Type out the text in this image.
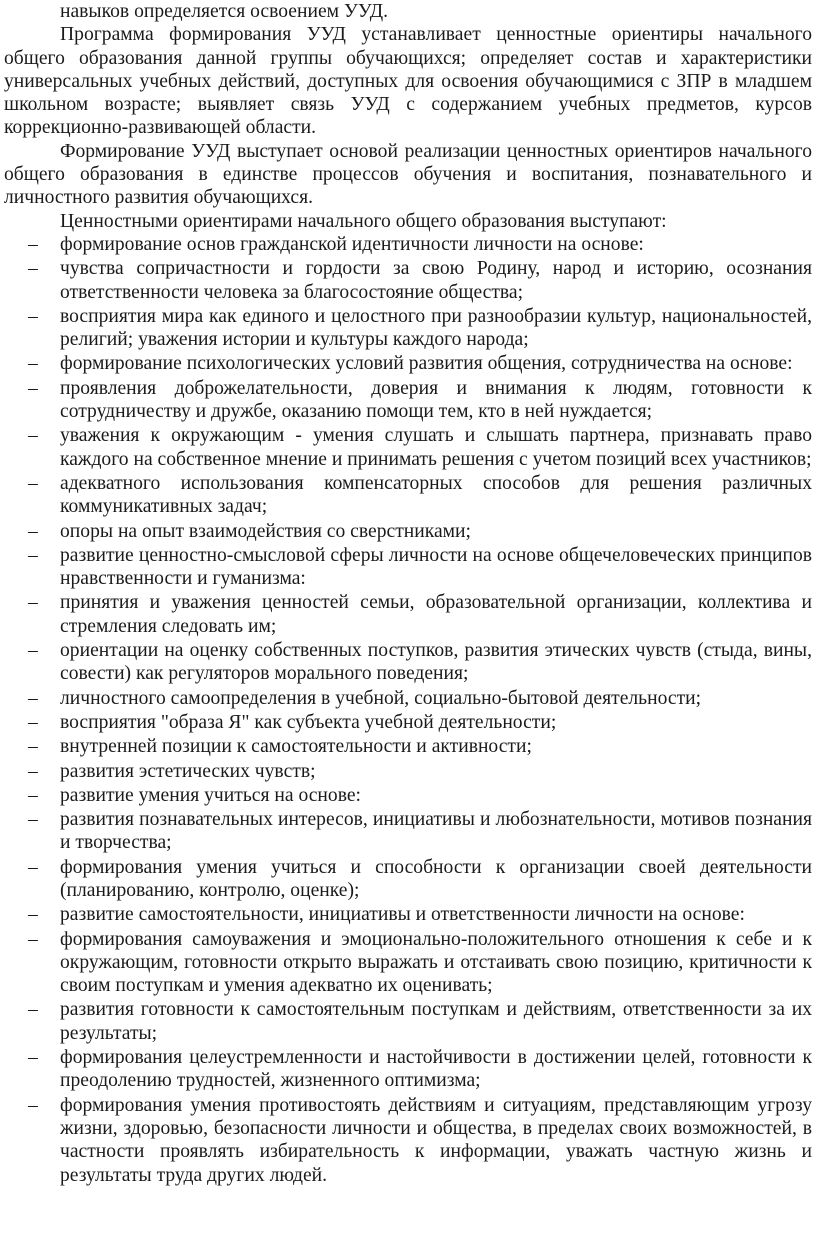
навыков определяется освоением УУД.

Программа формирования УУД устанавливает ценностные ориентиры начального общего образования данной группы обучающихся; определяет состав и характеристики универсальных учебных действий, доступных для освоения обучающимися с ЗПР в младшем школьном возрасте; выявляет связь УУД с содержанием учебных предметов, курсов коррекционно-развивающей области.

Формирование УУД выступает основой реализации ценностных ориентиров начального общего образования в единстве процессов обучения и воспитания, познавательного и личностного развития обучающихся.

Ценностными ориентирами начального общего образования выступают:

– формирование основ гражданской идентичности личности на основе:
– чувства сопричастности и гордости за свою Родину, народ и историю, осознания ответственности человека за благосостояние общества;
– восприятия мира как единого и целостного при разнообразии культур, национальностей, религий; уважения истории и культуры каждого народа;
– формирование психологических условий развития общения, сотрудничества на основе:
– проявления доброжелательности, доверия и внимания к людям, готовности к сотрудничеству и дружбе, оказанию помощи тем, кто в ней нуждается;
– уважения к окружающим - умения слушать и слышать партнера, признавать право каждого на собственное мнение и принимать решения с учетом позиций всех участников;
– адекватного использования компенсаторных способов для решения различных коммуникативных задач;
– опоры на опыт взаимодействия со сверстниками;
– развитие ценностно-смысловой сферы личности на основе общечеловеческих принципов нравственности и гуманизма:
– принятия и уважения ценностей семьи, образовательной организации, коллектива и стремления следовать им;
– ориентации на оценку собственных поступков, развития этических чувств (стыда, вины, совести) как регуляторов морального поведения;
– личностного самоопределения в учебной, социально-бытовой деятельности;
– восприятия "образа Я" как субъекта учебной деятельности;
– внутренней позиции к самостоятельности и активности;
– развития эстетических чувств;
– развитие умения учиться на основе:
– развития познавательных интересов, инициативы и любознательности, мотивов познания и творчества;
– формирования умения учиться и способности к организации своей деятельности (планированию, контролю, оценке);
– развитие самостоятельности, инициативы и ответственности личности на основе:
– формирования самоуважения и эмоционально-положительного отношения к себе и к окружающим, готовности открыто выражать и отстаивать свою позицию, критичности к своим поступкам и умения адекватно их оценивать;
– развития готовности к самостоятельным поступкам и действиям, ответственности за их результаты;
– формирования целеустремленности и настойчивости в достижении целей, готовности к преодолению трудностей, жизненного оптимизма;
– формирования умения противостоять действиям и ситуациям, представляющим угрозу жизни, здоровью, безопасности личности и общества, в пределах своих возможностей, в частности проявлять избирательность к информации, уважать частную жизнь и результаты труда других людей.
